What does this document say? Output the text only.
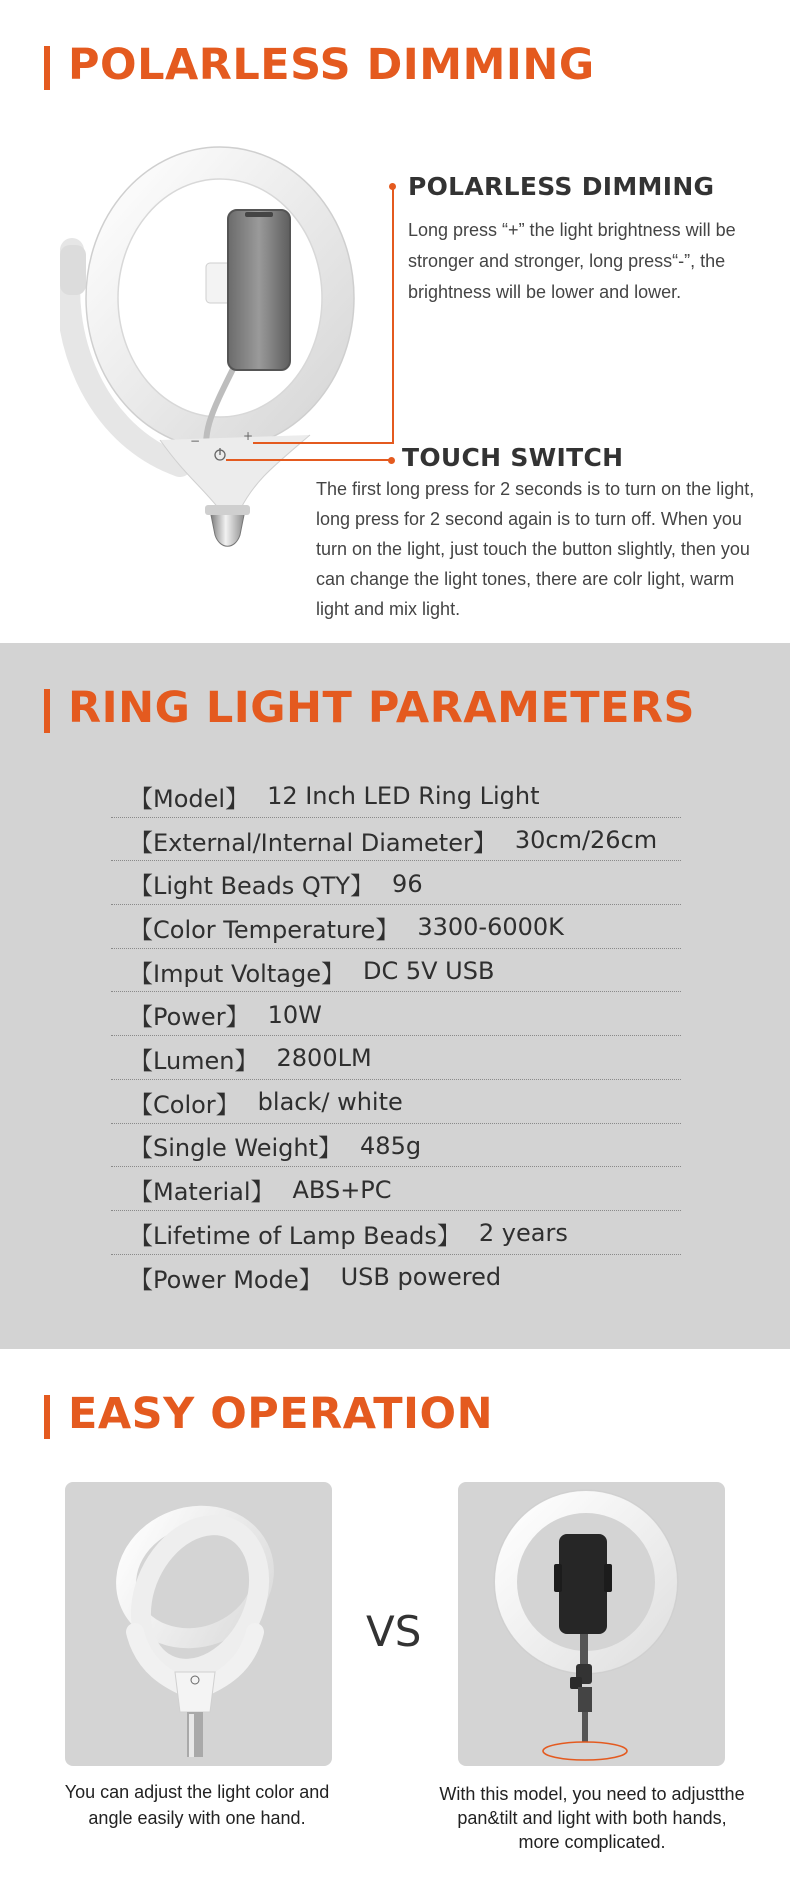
POLARLESS DIMMING
−	+
POLARLESS DIMMING

Long press “+” the light brightness will be stronger and stronger, long press“-”, the brightness will be lower and lower.

TOUCH SWITCH

The first long press for 2 seconds is to turn on the light, long press for 2 second again is to turn off. When you turn on the light, just touch the button slightly, then you can change the light tones, there are colr light, warm light and mix light.

RING LIGHT PARAMETERS
【Model】 12 Inch LED Ring Light
【External/Internal Diameter】 30cm/26cm
【Light Beads QTY】 96
【Color Temperature】 3300-6000K
【Imput Voltage】 DC 5V USB
【Power】 10W
【Lumen】 2800LM
【Color】 black/ white
【Single Weight】 485g
【Material】 ABS+PC
【Lifetime of Lamp Beads】 2 years
【Power Mode】 USB powered
EASY OPERATION
VS

You can adjust the light color and angle easily with one hand.

With this model, you need to adjustthe pan&tilt and light with both hands, more complicated.
